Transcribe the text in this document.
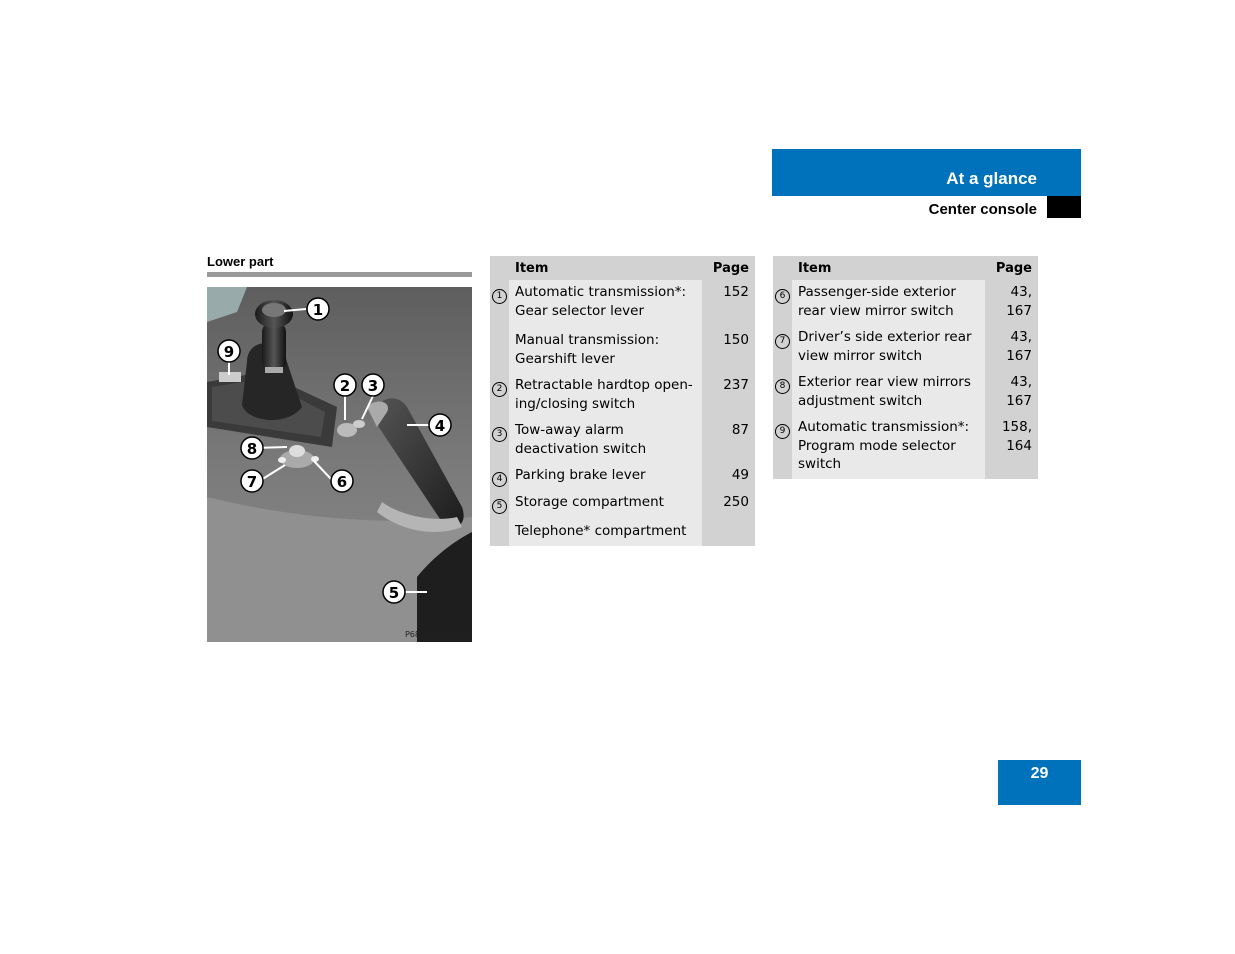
At a glance
Center console
Lower part
1
9
2 3
4
8
7	6
5
P68.20-3141-31
	Item	Page
1	Automatic transmission*: Gear selector lever	152
	Manual transmission: Gearshift lever	150
2	Retractable hardtop open-ing/closing switch	237
3	Tow-away alarm deactivation switch	87
4	Parking brake lever	49
5	Storage compartment	250
	Telephone* compartment	
	Item	Page
6	Passenger-side exterior rear view mirror switch	43, 167
7	Driver’s side exterior rear view mirror switch	43, 167
8	Exterior rear view mirrors adjustment switch	43, 167
9	Automatic transmission*: Program mode selector switch	158, 164
29
